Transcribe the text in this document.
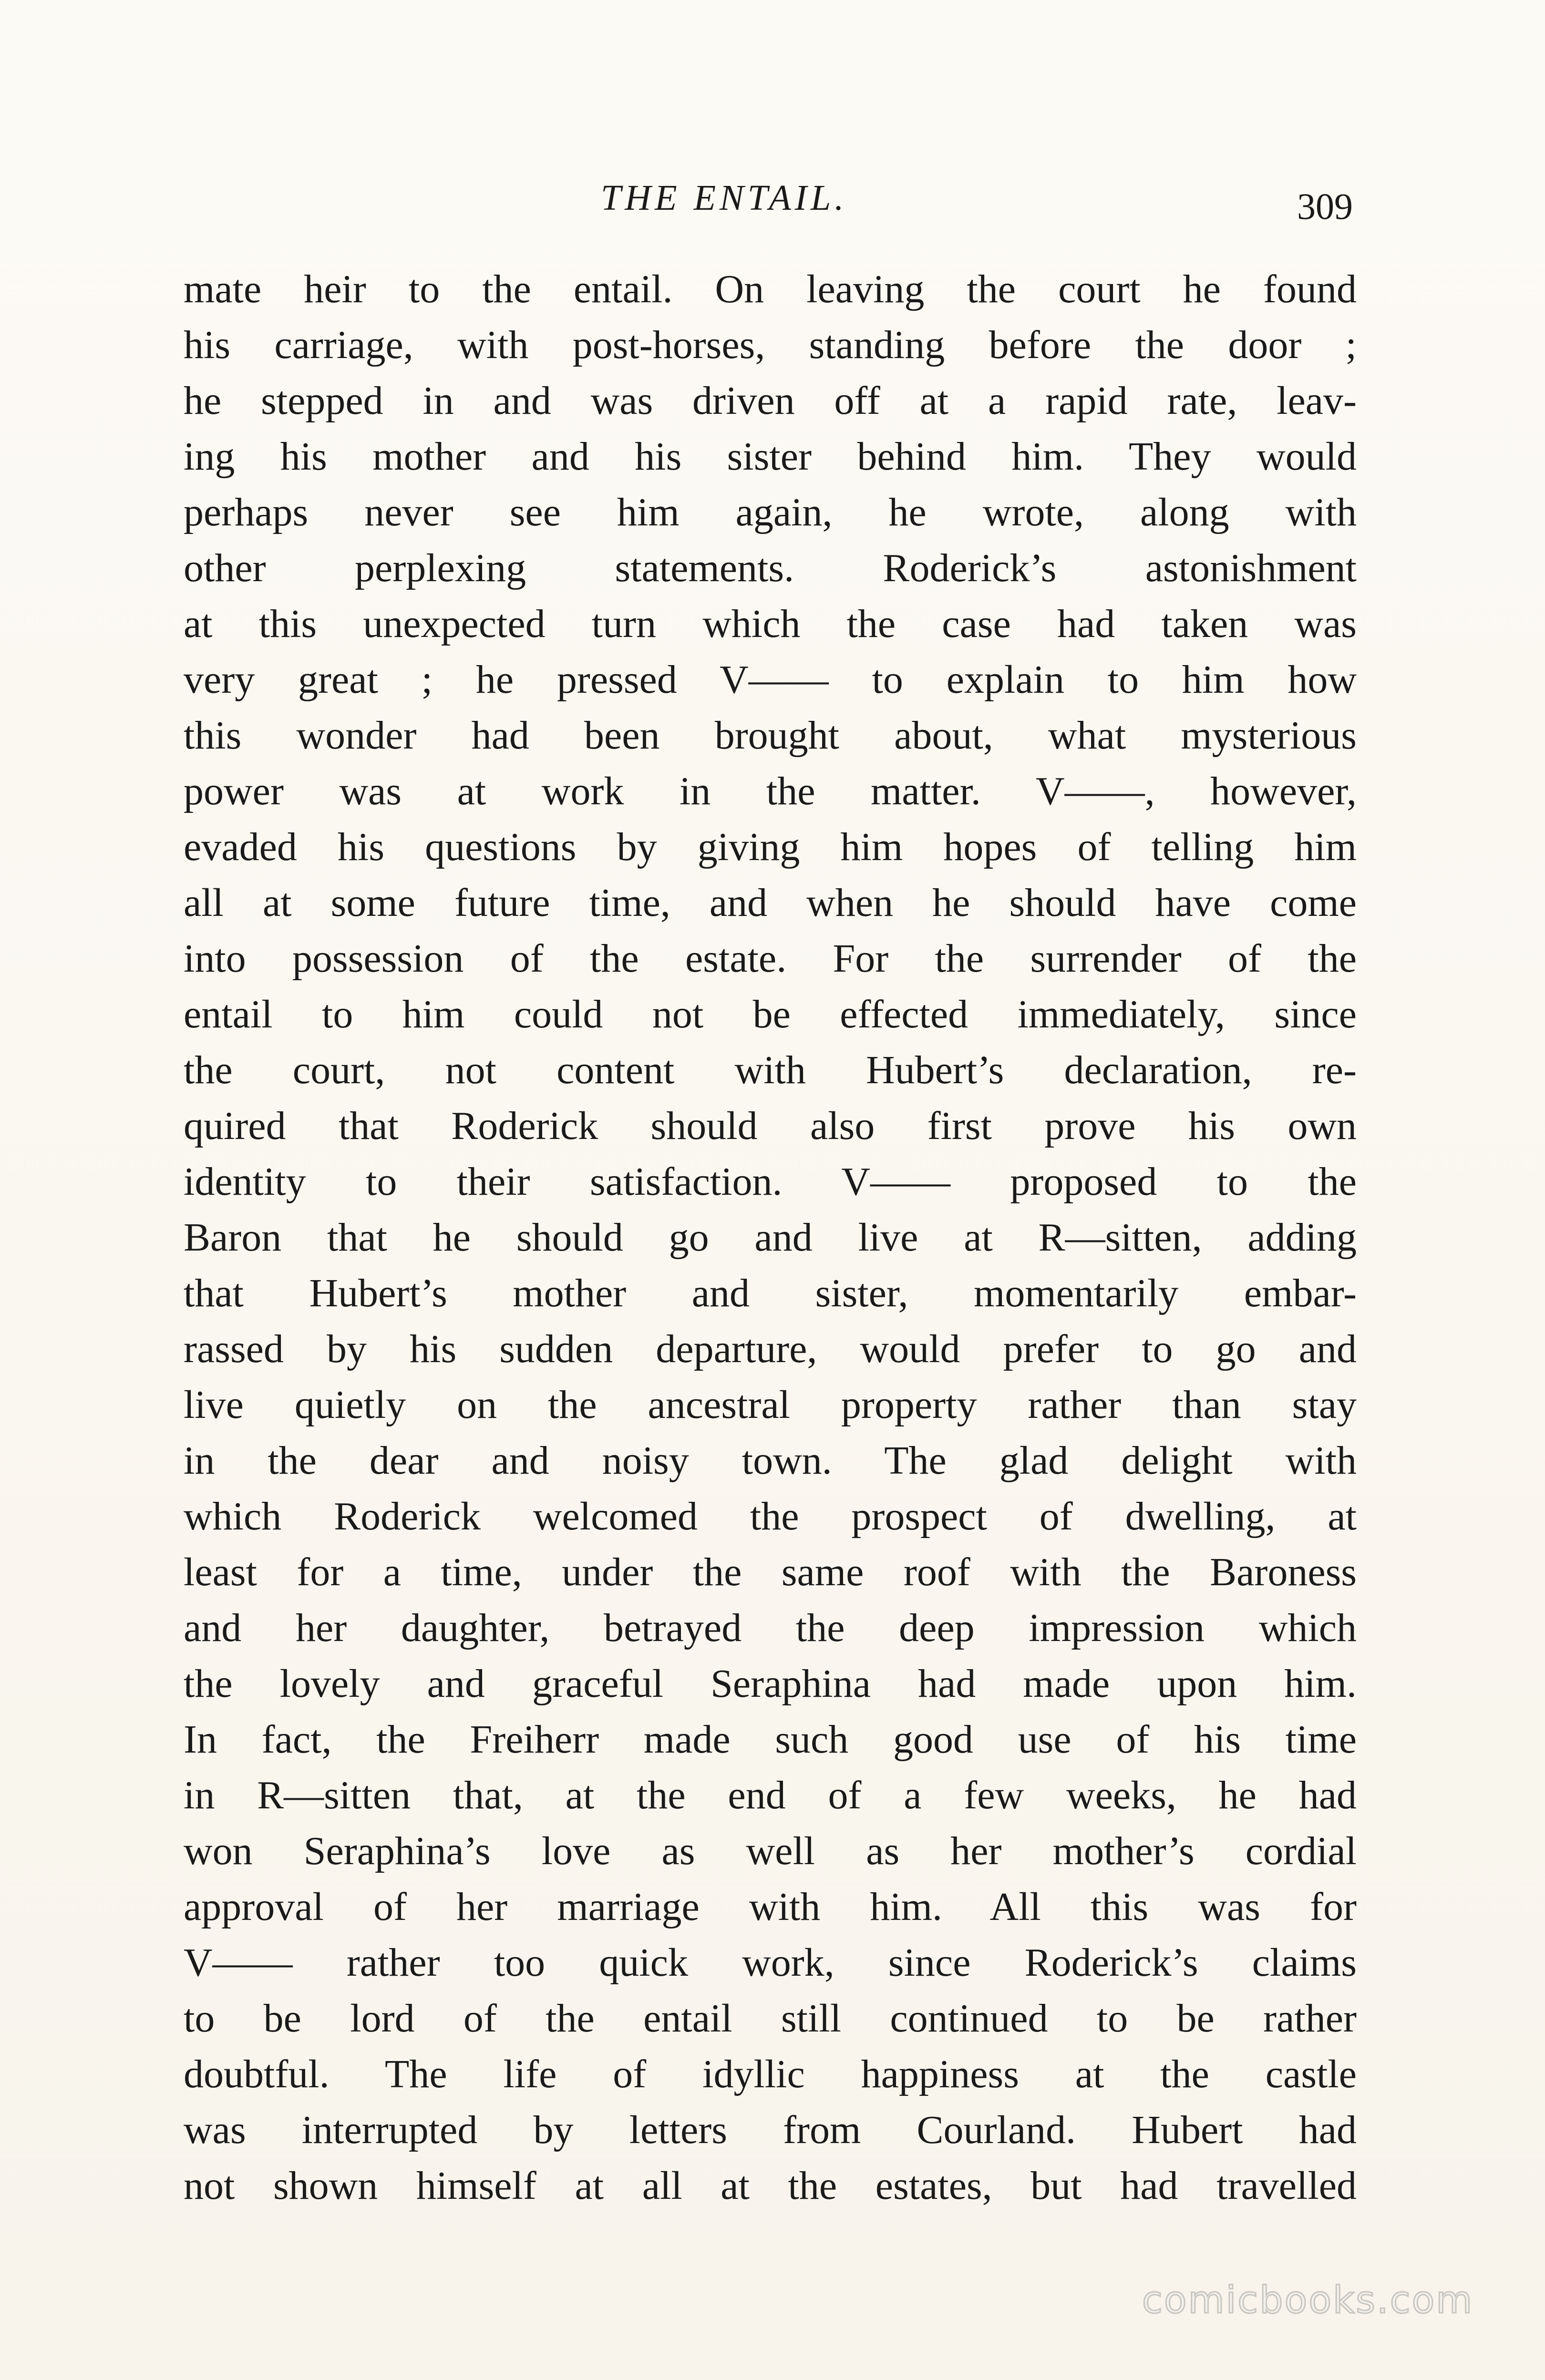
THE ENTAIL.	309
mate heir to the entail. On leaving the court he found
his carriage, with post-horses, standing before the door ;
he stepped in and was driven off at a rapid rate, leav-
ing his mother and his sister behind him. They would
perhaps never see him again, he wrote, along with
other perplexing statements. Roderick’s astonishment
at this unexpected turn which the case had taken was
very great ; he pressed V—— to explain to him how
this wonder had been brought about, what mysterious
power was at work in the matter. V——, however,
evaded his questions by giving him hopes of telling him
all at some future time, and when he should have come
into possession of the estate. For the surrender of the
entail to him could not be effected immediately, since
the court, not content with Hubert’s declaration, re-
quired that Roderick should also first prove his own
identity to their satisfaction. V—— proposed to the
Baron that he should go and live at R—sitten, adding
that Hubert’s mother and sister, momentarily embar-
rassed by his sudden departure, would prefer to go and
live quietly on the ancestral property rather than stay
in the dear and noisy town. The glad delight with
which Roderick welcomed the prospect of dwelling, at
least for a time, under the same roof with the Baroness
and her daughter, betrayed the deep impression which
the lovely and graceful Seraphina had made upon him.
In fact, the Freiherr made such good use of his time
in R—sitten that, at the end of a few weeks, he had
won Seraphina’s love as well as her mother’s cordial
approval of her marriage with him. All this was for
V—— rather too quick work, since Roderick’s claims
to be lord of the entail still continued to be rather
doubtful. The life of idyllic happiness at the castle
was interrupted by letters from Courland. Hubert had
not shown himself at all at the estates, but had travelled
comicbooks.com
